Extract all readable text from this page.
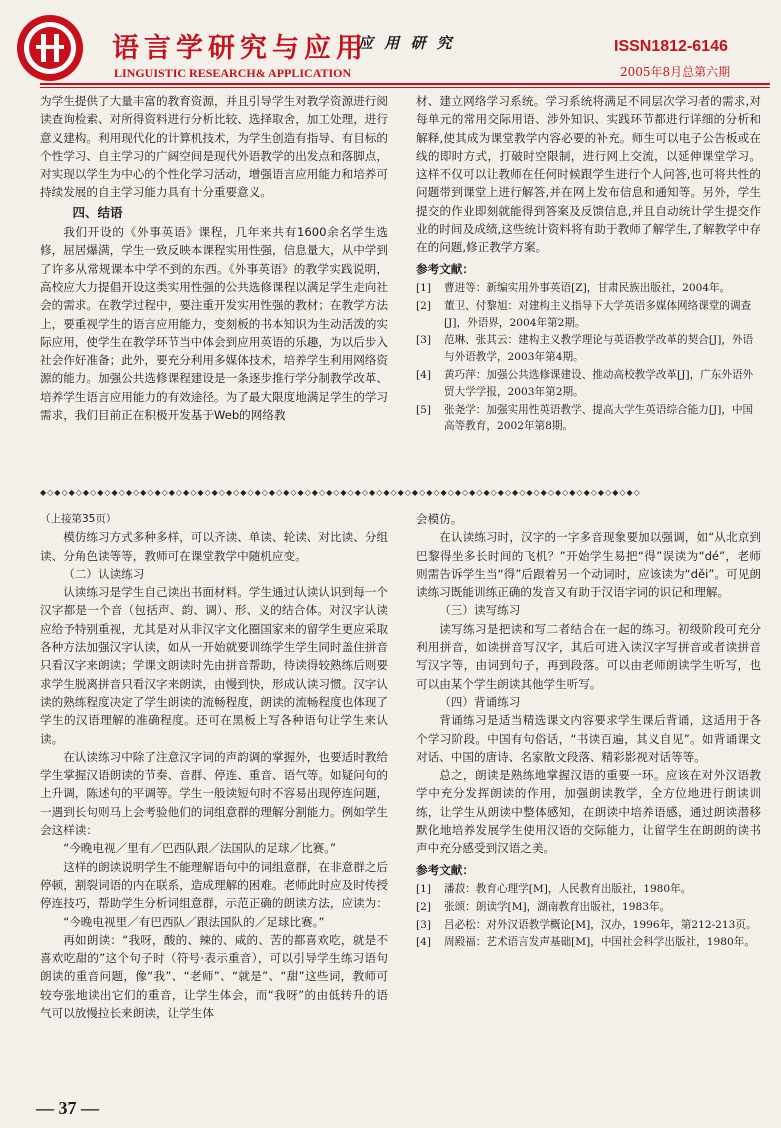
语言学研究与应用
LINGUISTIC RESEARCH& APPLICATION
应 用 研 究	ISSN1812-6146
2005年8月总第六期

为学生提供了大量丰富的教育资源，并且引导学生对教学资源进行阅读查询检索、对所得资料进行分析比较、选择取舍，加工处理，进行意义建构。利用现代化的计算机技术，为学生创造有指导、有目标的个性学习、自主学习的广阔空间是现代外语教学的出发点和落脚点，对实现以学生为中心的个性化学习活动，增强语言应用能力和培养可持续发展的自主学习能力具有十分重要意义。

四、结语

我们开设的《外事英语》课程，几年来共有1600余名学生选修，屈居爆满，学生一致反映本课程实用性强，信息量大，从中学到了许多从常规课本中学不到的东西。《外事英语》的教学实践说明，高校应大力提倡开设这类实用性强的公共选修课程以满足学生走向社会的需求。在教学过程中，要注重开发实用性强的教材；在教学方法上，要重视学生的语言应用能力，变刻板的书本知识为生动活泼的实际应用，使学生在教学环节当中体会到应用英语的乐趣，为以后步入社会作好准备；此外，要充分利用多媒体技术，培养学生利用网络资源的能力。加强公共选修课程建设是一条逐步推行学分制教学改革、培养学生语言应用能力的有效途径。为了最大限度地满足学生的学习需求，我们目前正在积极开发基于Web的网络教

材、建立网络学习系统。学习系统将满足不同层次学习者的需求,对每单元的常用交际用语、涉外知识、实践环节都进行详细的分析和解释,使其成为课堂教学内容必要的补充。师生可以电子公告板或在线的即时方式，打破时空限制，进行网上交流，以延伸课堂学习。这样不仅可以让教师在任何时候跟学生进行个人问答,也可将共性的问题带到课堂上进行解答,并在网上发布信息和通知等。另外，学生提交的作业即刻就能得到答案及反馈信息,并且自动统计学生提交作业的时间及成绩,这些统计资料将有助于教师了解学生,了解教学中存在的问题,修正教学方案。

参考文献：
[1]	曹进等：新编实用外事英语[Z]，甘肃民族出版社，2004年。
[2]	董卫、付黎旭：对建构主义指导下大学英语多媒体网络课堂的调查[J]，外语界，2004年第2期。
[3]	范琳、张其云：建构主义教学理论与英语教学改革的契合[J]，外语与外语教学，2003年第4期。
[4]	黄巧萍：加强公共选修课建设、推动高校教学改革[J]，广东外语外贸大学学报，2003年第2期。
[5]	张尧学：加强实用性英语教学、提高大学生英语综合能力[J]，中国高等教育，2002年第8期。
◆◇◆◇◆◇◆◇◆◇◆◇◆◇◆◇◆◇◆◇◆◇◆◇◆◇◆◇◆◇◆◇◆◇◆◇◆◇◆◇◆◇◆◇◆◇◆◇◆◇◆◇◆◇◆◇◆◇◆◇◆◇◆◇◆◇◆◇◆◇◆◇◆◇◆◇◆◇◆◇◆◇◆◇

（上接第35页）

模仿练习方式多种多样，可以齐读、单读、轮读、对比读、分组读、分角色读等等，教师可在课堂教学中随机应变。

（二）认读练习

认读练习是学生自己读出书面材料。学生通过认读认识到每一个汉字都是一个音（包括声、韵、调）、形、义的结合体。对汉字认读应给予特别重视，尤其是对从非汉字文化圈国家来的留学生更应采取各种方法加强汉字认读，如从一开始就要训练学生学生同时盖住拼音只看汉字来朗读；学课文朗读时先由拼音帮助，待读得较熟练后则要求学生脱离拼音只看汉字来朗读，由慢到快，形成认读习惯。汉字认读的熟练程度决定了学生朗读的流畅程度，朗读的流畅程度也体现了学生的汉语理解的准确程度。还可在黑板上写各种语句让学生来认读。

在认读练习中除了注意汉字词的声韵调的掌握外，也要适时教给学生掌握汉语朗读的节奏、音群、停连、重音、语气等。如疑问句的上升调，陈述句的平调等。学生一般读短句时不容易出现停连问题，一遇到长句则马上会考验他们的词组意群的理解分割能力。例如学生会这样读：

“今晚电视／里有／巴西队跟／法国队的足球／比赛。”

这样的朗读说明学生不能理解语句中的词组意群，在非意群之后停顿，割裂词语的内在联系，造成理解的困难。老师此时应及时传授停连技巧，帮助学生分析词组意群，示范正确的朗读方法，应读为：

“今晚电视里／有巴西队／跟法国队的／足球比赛。”

再如朗读：“我呀，酸的、辣的、咸的、苦的都喜欢吃，就是不喜欢吃甜的”这个句子时（符号·表示重音），可以引导学生练习语句朗读的重音问题，像“我”、“老师”、“就是”、“甜”这些词，教师可较夸张地读出它们的重音，让学生体会，而“我呀”的由低转升的语气可以放慢拉长来朗读，让学生体

会模仿。

在认读练习时，汉字的一字多音现象要加以强调，如“从北京到巴黎得坐多长时间的飞机？”开始学生易把“得”误读为“dé”，老师则需告诉学生当“得”后跟着另一个动词时，应该读为“děi”。可见朗读练习既能训练正确的发音又有助于汉语字词的识记和理解。

（三）读写练习

读写练习是把读和写二者结合在一起的练习。初级阶段可充分利用拼音，如读拼音写汉字，其后可进入读汉字写拼音或者读拼音写汉字等，由词到句子，再到段落。可以由老师朗读学生听写，也可以由某个学生朗读其他学生听写。

（四）背诵练习

背诵练习是适当精选课文内容要求学生课后背诵，这适用于各个学习阶段。中国有句俗话，“书读百遍，其义自见”。如背诵课文对话、中国的唐诗、名家散文段落、精彩影视对话等等。

总之，朗读是熟练地掌握汉语的重要一环。应该在对外汉语教学中充分发挥朗读的作用，加强朗读教学，全方位地进行朗读训练，让学生从朗读中整体感知，在朗读中培养语感，通过朗读潜移默化地培养发展学生使用汉语的交际能力，让留学生在朗朗的读书声中充分感受到汉语之美。

参考文献：
[1]	潘菽：教育心理学[M]，人民教育出版社，1980年。
[2]	张颂：朗读学[M]，湖南教育出版社，1983年。
[3]	吕必松：对外汉语教学概论[M]，汉办，1996年，第212-213页。
[4]	周殿福：艺术语言发声基础[M]，中国社会科学出版社，1980年。
— 37 —
